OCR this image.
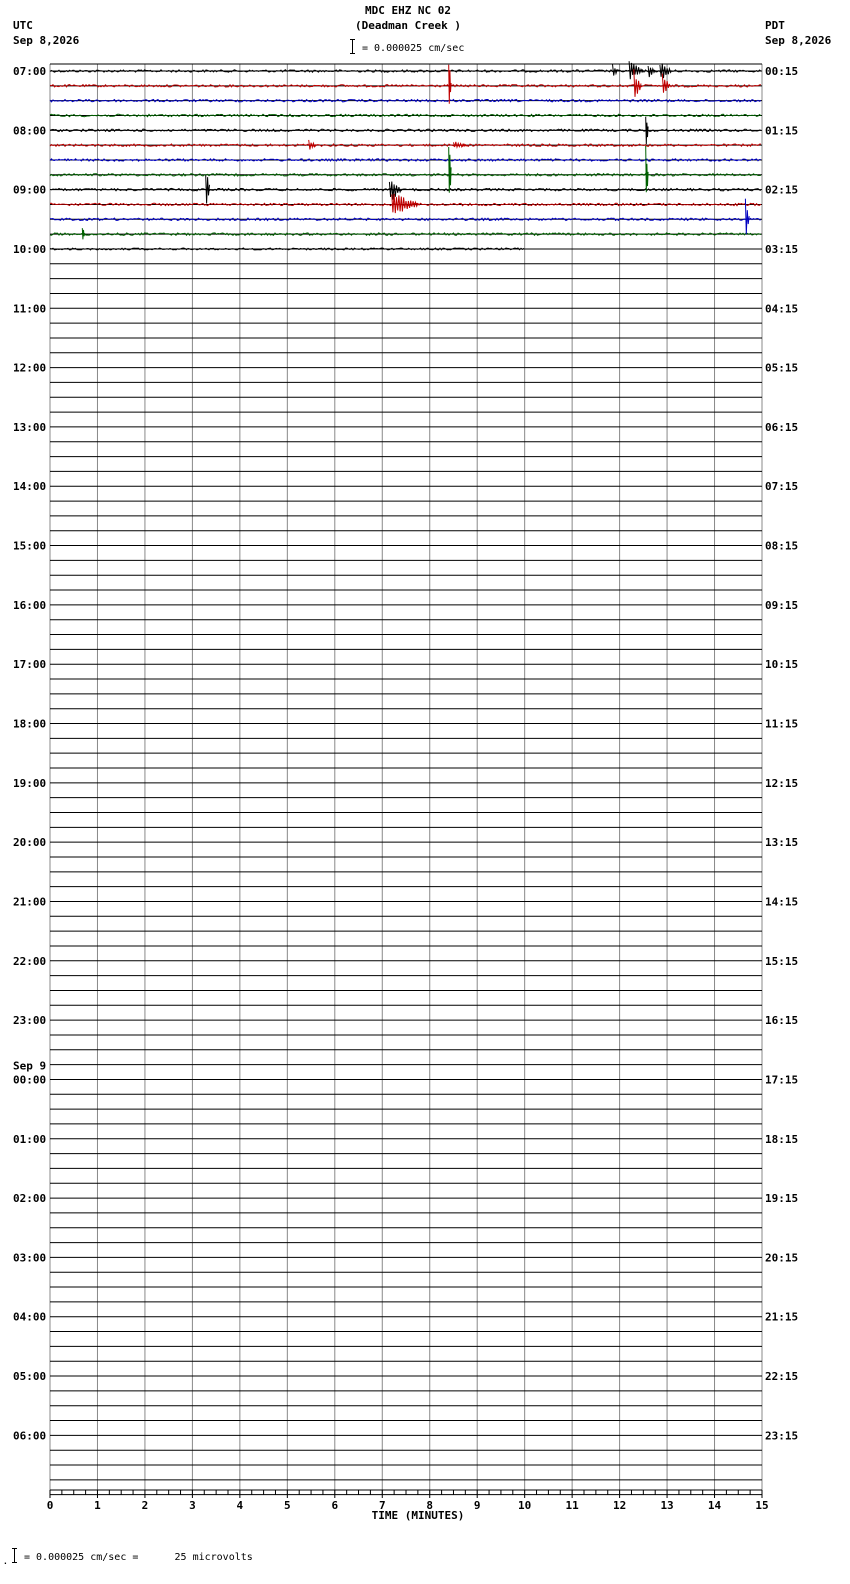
MDC EHZ NC 02
(Deadman Creek )
= 0.000025 cm/sec
UTC
Sep 8,2026
PDT
Sep 8,2026
07:00
08:00
09:00
10:00
11:00
12:00
13:00
14:00
15:00
16:00
17:00
18:00
19:00
20:00
21:00
22:00
23:00
00:00
Sep 9
01:00
02:00
03:00
04:00
05:00
06:00
00:15
01:15
02:15
03:15
04:15
05:15
06:15
07:15
08:15
09:15
10:15
11:15
12:15
13:15
14:15
15:15
16:15
17:15
18:15
19:15
20:15
21:15
22:15
23:15
0	1	2	3	4	5	6	7	8	9	10	11	12	13	14	15
TIME (MINUTES)
. = 0.000025 cm/sec =      25 microvolts
